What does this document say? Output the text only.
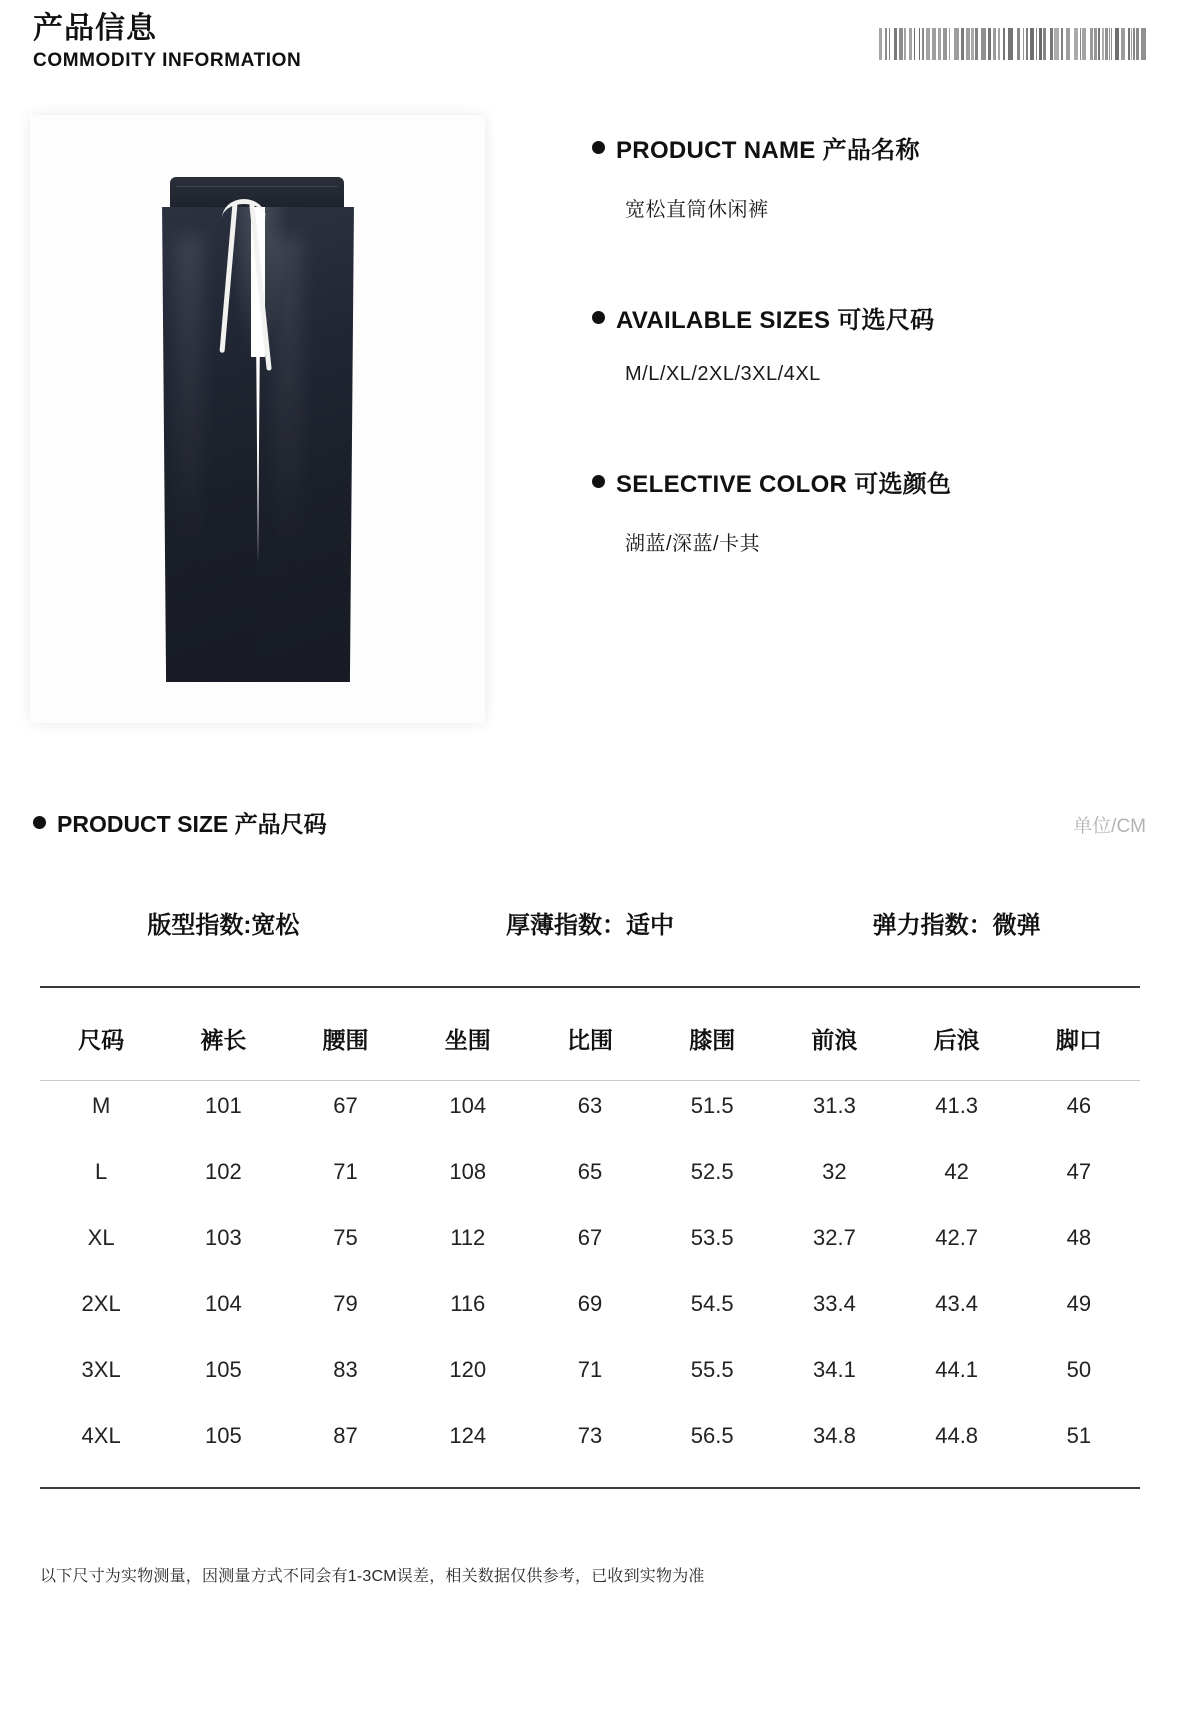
产品信息
COMMODITY INFORMATION
PRODUCT NAME 产品名称
宽松直筒休闲裤
AVAILABLE SIZES 可选尺码
M/L/XL/2XL/3XL/4XL
SELECTIVE COLOR 可选颜色
湖蓝/深蓝/卡其
PRODUCT SIZE 产品尺码	单位/CM
版型指数:宽松	厚薄指数：适中	弹力指数：微弹
尺码	裤长	腰围	坐围	比围	膝围	前浪	后浪	脚口
M	101	67	104	63	51.5	31.3	41.3	46
L	102	71	108	65	52.5	32	42	47
XL	103	75	112	67	53.5	32.7	42.7	48
2XL	104	79	116	69	54.5	33.4	43.4	49
3XL	105	83	120	71	55.5	34.1	44.1	50
4XL	105	87	124	73	56.5	34.8	44.8	51
以下尺寸为实物测量，因测量方式不同会有1-3CM误差，相关数据仅供参考，已收到实物为准
